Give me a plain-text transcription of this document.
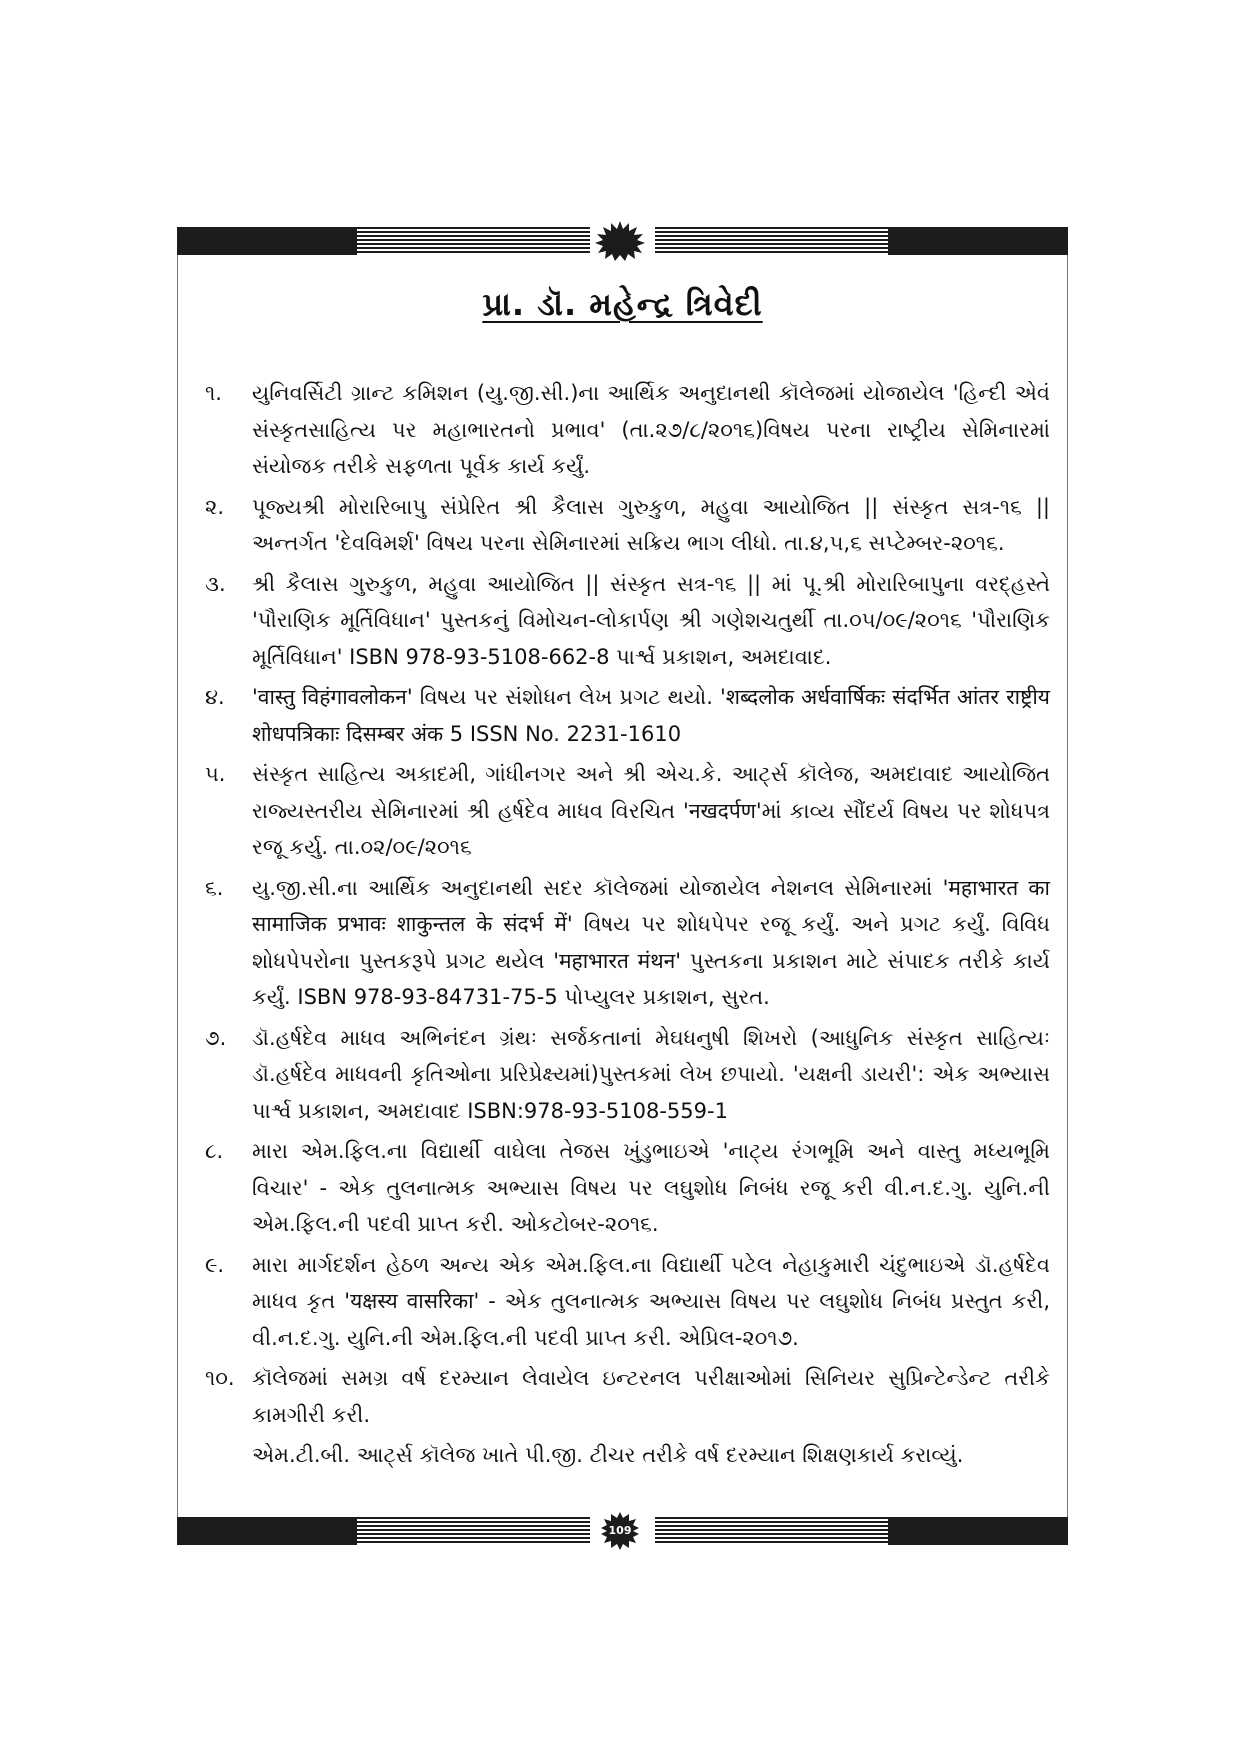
પ્રા. ડૉ. મહેન્દ્ર ત્રિવેદી
૧.	યુનિવર્સિટી ગ્રાન્ટ કમિશન (યુ.જી.સી.)ના આર્થિક અનુદાનથી કૉલેજમાં યોજાયેલ 'હિન્દી એવં સંસ્કૃતસાહિત્ય પર મહાભારતનો પ્રભાવ' (તા.૨૭/૮/૨૦૧૬)વિષય પરના રાષ્ટ્રીય સેમિનારમાં સંયોજક તરીકે સફળતા પૂર્વક કાર્ય કર્યું.
૨.	પૂજ્યશ્રી મોરારિબાપુ સંપ્રેરિત શ્રી કૈલાસ ગુરુકુળ, મહુવા આયોજિત || સંસ્કૃત સત્ર-૧૬ || અન્તર્ગત 'દેવવિમર્શ' વિષય પરના સેમિનારમાં સક્રિય ભાગ લીધો. તા.૪,૫,૬ સપ્ટેમ્બર-૨૦૧૬.
૩.	શ્રી કૈલાસ ગુરુકુળ, મહુવા આયોજિત || સંસ્કૃત સત્ર-૧૬ || માં પૂ.શ્રી મોરારિબાપુના વરદ્હસ્તે 'પૌરાણિક મૂર્તિવિધાન' પુસ્તકનું વિમોચન-લોકાર્પણ શ્રી ગણેશચતુર્થી તા.૦૫/૦૯/૨૦૧૬ 'પૌરાણિક મૂર્તિવિધાન' ISBN 978-93-5108-662-8 પાર્શ્વ પ્રકાશન, અમદાવાદ.
૪.	'वास्तु विहंगावलोकन' વિષય પર સંશોધન લેખ પ્રગટ થયો. 'शब्दलोक अर्धवार्षिकः संदर्भित आंतर राष्ट्रीय शोधपत्रिकाः दिसम्बर अंक 5 ISSN No. 2231-1610
૫.	સંસ્કૃત સાહિત્ય અકાદમી, ગાંધીનગર અને શ્રી એચ.કે. આર્ટ્સ કૉલેજ, અમદાવાદ આયોજિત રાજ્યસ્તરીય સેમિનારમાં શ્રી હર્ષદેવ માધવ વિરચિત 'नखदर्पण'માં કાવ્ય સૌંદર્ય વિષય પર શોધપત્ર રજૂ કર્યુ. તા.૦૨/૦૯/૨૦૧૬
૬.	યુ.જી.સી.ના આર્થિક અનુદાનથી સદર કૉલેજમાં યોજાયેલ નેશનલ સેમિનારમાં 'महाभारत का सामाजिक प्रभावः शाकुन्तल के संदर्भ में' વિષય પર શોધપેપર રજૂ કર્યું. અને પ્રગટ કર્યું. વિવિધ શોધપેપરોના પુસ્તકરૂપે પ્રગટ થયેલ 'महाभारत मंथन' પુસ્તકના પ્રકાશન માટે સંપાદક તરીકે કાર્ય કર્યું. ISBN 978-93-84731-75-5 પોપ્યુલર પ્રકાશન, સુરત.
૭.	ડૉ.હર્ષદેવ માધવ અભિનંદન ગ્રંથઃ સર્જકતાનાં મેઘધનુષી શિખરો (આધુનિક સંસ્કૃત સાહિત્યઃ ડૉ.હર્ષદેવ માધવની કૃતિઓના પ્રરિપ્રેક્ષ્યમાં)પુસ્તકમાં લેખ છપાયો. 'યક્ષની ડાયરી': એક અભ્યાસ પાર્શ્વ પ્રકાશન, અમદાવાદ ISBN:978-93-5108-559-1
૮.	મારા એમ.ફિલ.ના વિદ્યાર્થી વાઘેલા તેજસ ખુંડુભાઇએ 'નાટ્ય રંગભૂમિ અને વાસ્તુ મધ્યભૂમિ વિચાર' - એક તુલનાત્મક અભ્યાસ વિષય પર લઘુશોધ નિબંધ રજૂ કરી વી.ન.દ.ગુ. યુનિ.ની એમ.ફિલ.ની પદવી પ્રાપ્ત કરી. ઓકટોબર-૨૦૧૬.
૯.	મારા માર્ગદર્શન હેઠળ અન્ય એક એમ.ફિલ.ના વિદ્યાર્થી પટેલ નેહાકુમારી ચંદુભાઇએ ડૉ.હર્ષદેવ માધવ કૃત 'यक्षस्य वासरिका' - એક તુલનાત્મક અભ્યાસ વિષય પર લઘુશોધ નિબંધ પ્રસ્તુત કરી, વી.ન.દ.ગુ. યુનિ.ની એમ.ફિલ.ની પદવી પ્રાપ્ત કરી. એપ્રિલ-૨૦૧૭.
૧૦. કૉલેજમાં સમગ્ર વર્ષ દરમ્યાન લેવાયેલ ઇન્ટરનલ પરીક્ષાઓમાં સિનિયર સુપ્રિન્ટેન્ડેન્ટ તરીકે કામગીરી કરી.
એમ.ટી.બી. આર્ટ્સ કૉલેજ ખાતે પી.જી. ટીચર તરીકે વર્ષ દરમ્યાન શિક્ષણકાર્ય કરાવ્યું.
109
